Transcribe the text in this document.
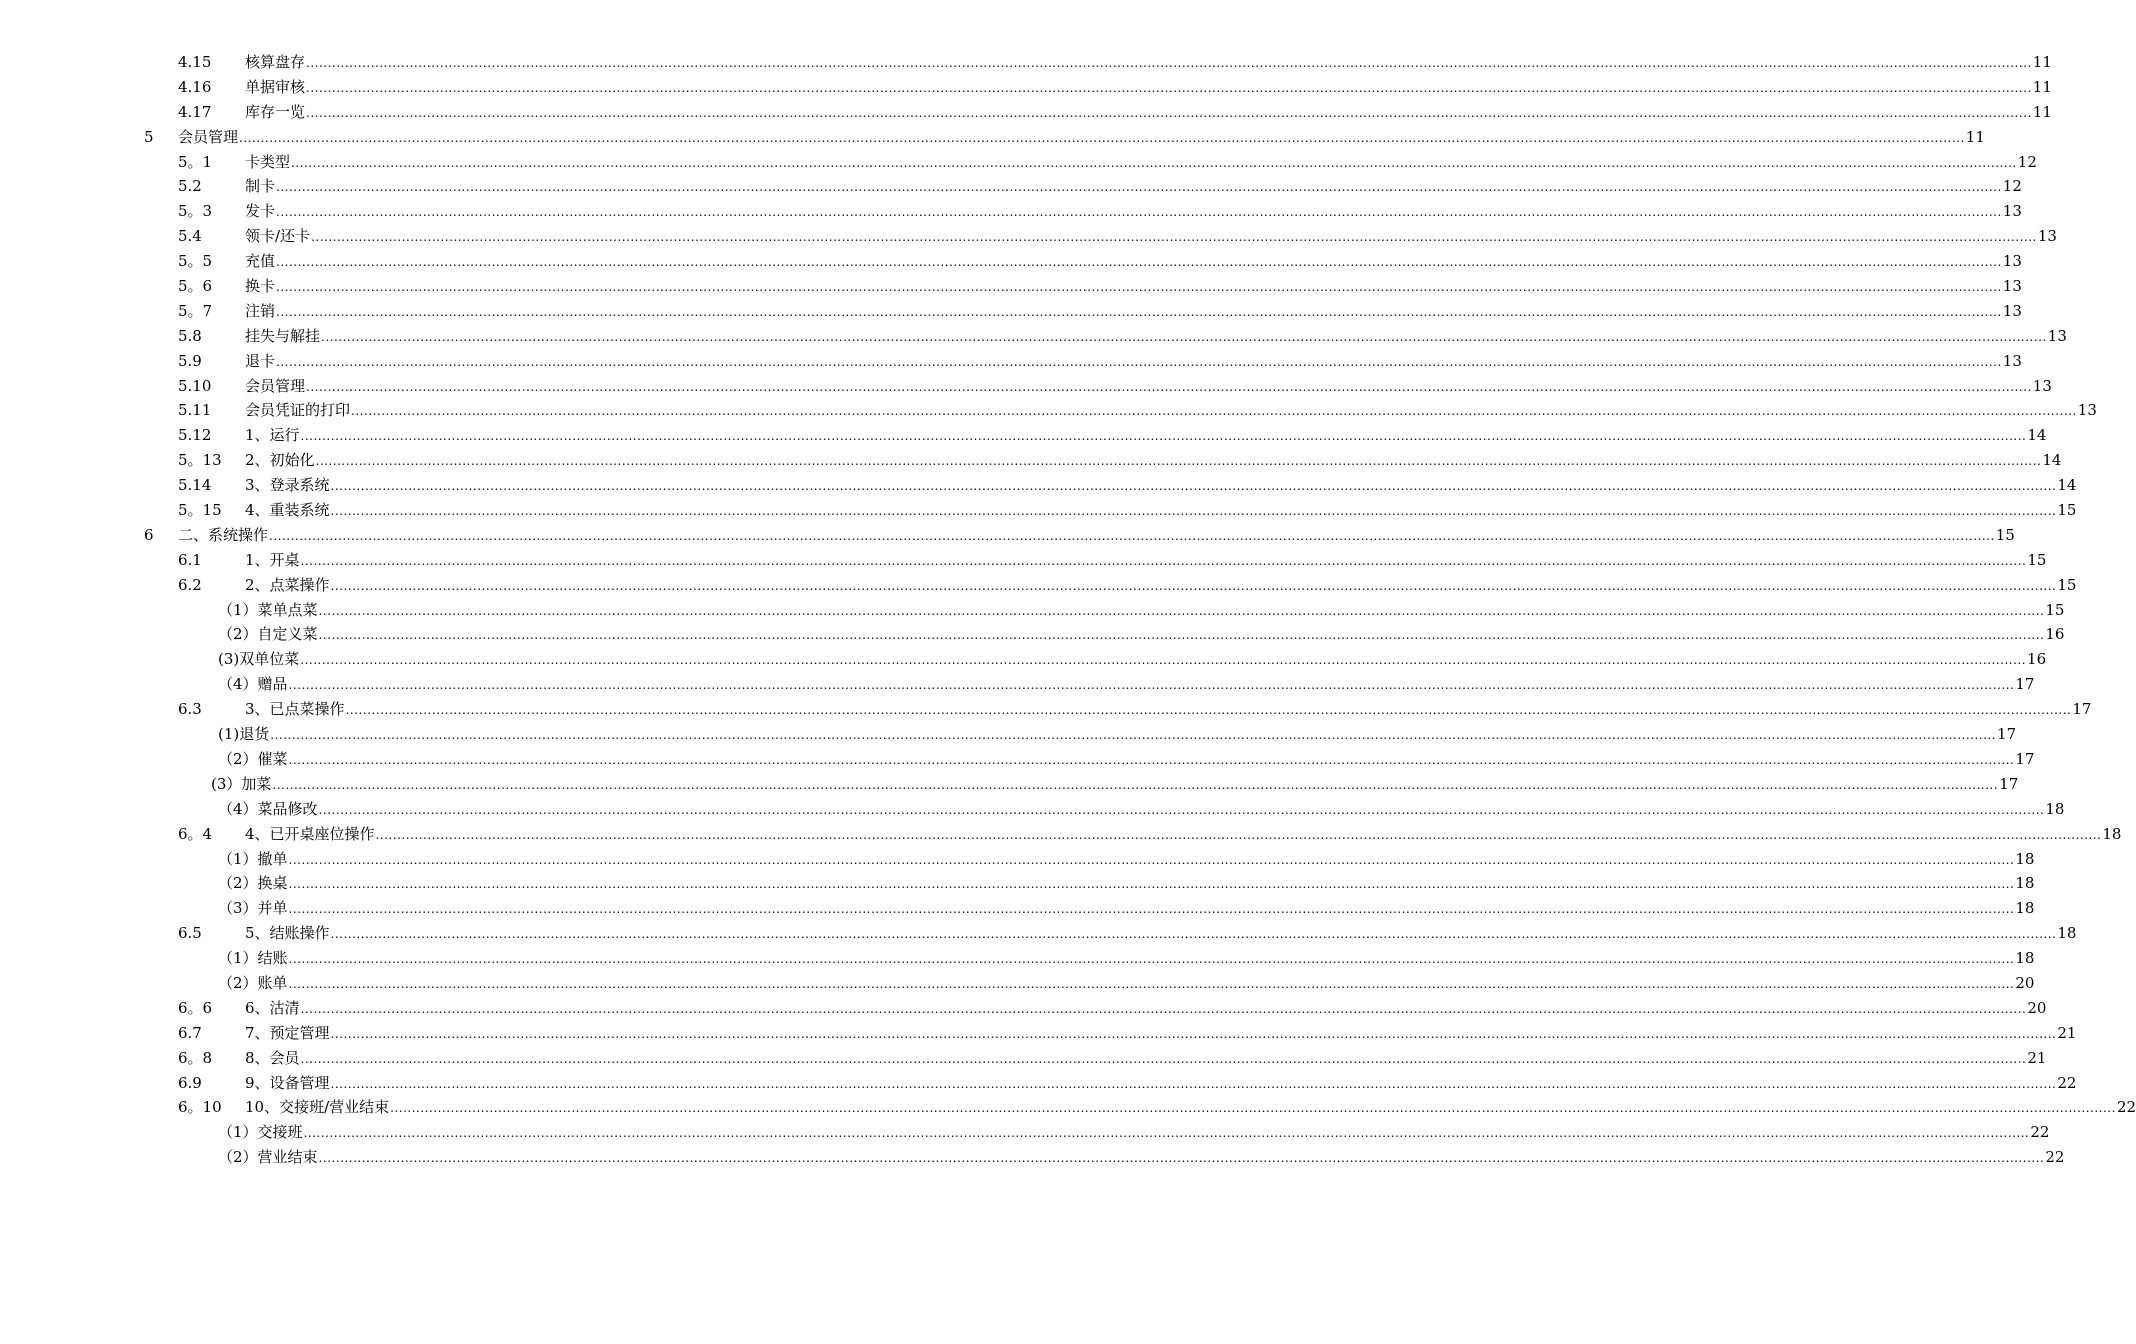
4.15 核算盘存 ................................................................................................................................................................................................................................................................................................................................................................................................................ 11
4.16 单据审核 ................................................................................................................................................................................................................................................................................................................................................................................................................ 11
4.17 库存一览 ................................................................................................................................................................................................................................................................................................................................................................................................................ 11
5 会员管理 ................................................................................................................................................................................................................................................................................................................................................................................................................ 11
5。1 卡类型 ................................................................................................................................................................................................................................................................................................................................................................................................................ 12
5.2	制卡 ................................................................................................................................................................................................................................................................................................................................................................................................................ 12
5。3 发卡 ................................................................................................................................................................................................................................................................................................................................................................................................................ 13
5.4	领卡/还卡 ................................................................................................................................................................................................................................................................................................................................................................................................................ 13
5。5 充值 ................................................................................................................................................................................................................................................................................................................................................................................................................ 13
5。6 换卡 ................................................................................................................................................................................................................................................................................................................................................................................................................ 13
5。7 注销 ................................................................................................................................................................................................................................................................................................................................................................................................................ 13
5.8	挂失与解挂 ................................................................................................................................................................................................................................................................................................................................................................................................................ 13
5.9	退卡 ................................................................................................................................................................................................................................................................................................................................................................................................................ 13
5.10 会员管理 ................................................................................................................................................................................................................................................................................................................................................................................................................ 13
5.11 会员凭证的打印 ................................................................................................................................................................................................................................................................................................................................................................................................................ 13
5.12 1、运行 ................................................................................................................................................................................................................................................................................................................................................................................................................ 14
5。13 2、初始化 ................................................................................................................................................................................................................................................................................................................................................................................................................ 14
5.14 3、登录系统 ................................................................................................................................................................................................................................................................................................................................................................................................................ 14
5。15 4、重装系统 ................................................................................................................................................................................................................................................................................................................................................................................................................ 15
6 二、系统操作 ................................................................................................................................................................................................................................................................................................................................................................................................................ 15
6.1	1、开桌 ................................................................................................................................................................................................................................................................................................................................................................................................................ 15
6.2	2、点菜操作 ................................................................................................................................................................................................................................................................................................................................................................................................................ 15
（1）菜单点菜 ................................................................................................................................................................................................................................................................................................................................................................................................................ 15
（2）自定义菜 ................................................................................................................................................................................................................................................................................................................................................................................................................ 16
(3)双单位菜 ................................................................................................................................................................................................................................................................................................................................................................................................................ 16
（4）赠品 ................................................................................................................................................................................................................................................................................................................................................................................................................ 17
6.3	3、已点菜操作 ................................................................................................................................................................................................................................................................................................................................................................................................................ 17
(1)退货 ................................................................................................................................................................................................................................................................................................................................................................................................................ 17
（2）催菜 ................................................................................................................................................................................................................................................................................................................................................................................................................ 17
(3）加菜 ................................................................................................................................................................................................................................................................................................................................................................................................................ 17
（4）菜品修改 ................................................................................................................................................................................................................................................................................................................................................................................................................ 18
6。4 4、已开桌座位操作 ................................................................................................................................................................................................................................................................................................................................................................................................................ 18
（1）撤单 ................................................................................................................................................................................................................................................................................................................................................................................................................ 18
（2）换桌 ................................................................................................................................................................................................................................................................................................................................................................................................................ 18
（3）并单 ................................................................................................................................................................................................................................................................................................................................................................................................................ 18
6.5	5、结账操作 ................................................................................................................................................................................................................................................................................................................................................................................................................ 18
（1）结账 ................................................................................................................................................................................................................................................................................................................................................................................................................ 18
（2）账单 ................................................................................................................................................................................................................................................................................................................................................................................................................ 20
6。6 6、沽清 ................................................................................................................................................................................................................................................................................................................................................................................................................ 20
6.7	7、预定管理 ................................................................................................................................................................................................................................................................................................................................................................................................................ 21
6。8 8、会员 ................................................................................................................................................................................................................................................................................................................................................................................................................ 21
6.9	9、设备管理 ................................................................................................................................................................................................................................................................................................................................................................................................................ 22
6。10 10、交接班/营业结束 ................................................................................................................................................................................................................................................................................................................................................................................................................ 22
（1）交接班 ................................................................................................................................................................................................................................................................................................................................................................................................................ 22
（2）营业结束 ................................................................................................................................................................................................................................................................................................................................................................................................................ 22
